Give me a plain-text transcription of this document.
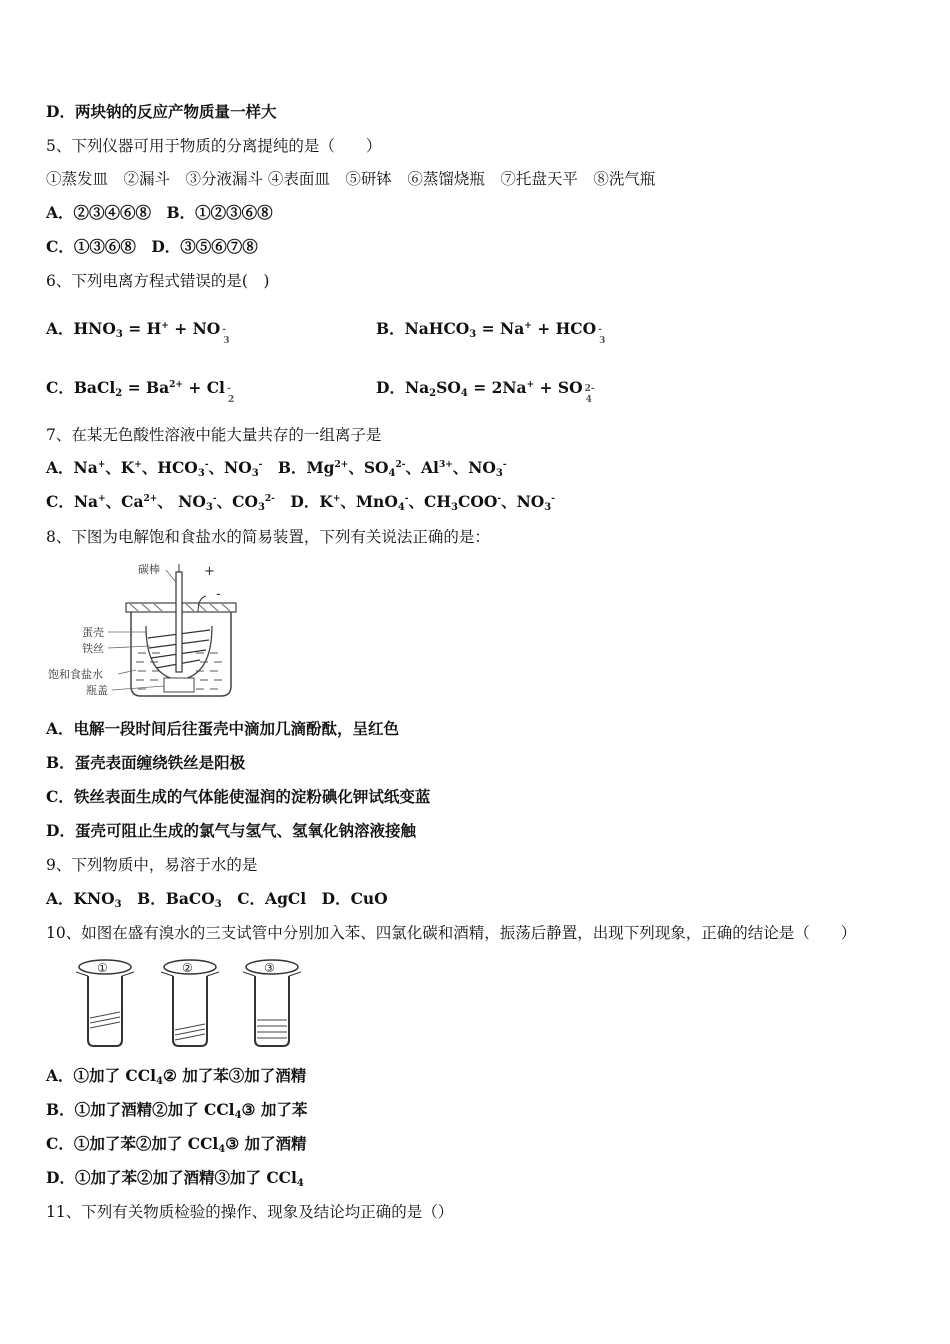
D．两块钠的反应产物质量一样大
5、下列仪器可用于物质的分离提纯的是（　　）
①蒸发皿　②漏斗　③分液漏斗 ④表面皿　⑤研钵　⑥蒸馏烧瓶　⑦托盘天平　⑧洗气瓶
A．②③④⑥⑧　B．①②③⑥⑧
C．①③⑥⑧　D．③⑤⑥⑦⑧
6、下列电离方程式错误的是(　)
A．$HNO_3 = H^+$ + NO -
3
B．NaHCO$_3$ = Na+ + HCO -
3
C．BaCl$_2$ = $Ba^{2+} + Cl$ -
2
D．$Na_2SO_4 = 2Na^+$ + SO 2-
4
7、在某无色酸性溶液中能大量共存的一组离子是
A．Na+、K+、$HCO_3^-$、$NO_3^-$　B．$Mg^{2+}$、$SO_4^{2-}$、$Al^{3+}$、$NO_3^-$
C．Na+、$Ca^{2+}$、 $NO_3^-$、$CO_3^{2-}$　D．K+、MnO$_4$-、$CH_3COO^-$、$NO_3^-$
8、下图为电解饱和食盐水的简易装置，下列有关说法正确的是：
碳棒	+
-
蛋壳
铁丝
饱和食盐水
瓶盖
A．电解一段时间后往蛋壳中滴加几滴酚酞，呈红色
B．蛋壳表面缠绕铁丝是阳极
C．铁丝表面生成的气体能使湿润的淀粉碘化钾试纸变蓝
D．蛋壳可阻止生成的氯气与氢气、氢氧化钠溶液接触
9、下列物质中，易溶于水的是
A．$KNO_3$　B．BaCO$_3$　C．AgCl　D．CuO
10、如图在盛有溴水的三支试管中分别加入苯、四氯化碳和酒精，振荡后静置，出现下列现象，正确的结论是（　　）
①	②	③
A．①加了 CCl$_4$② 加了苯③加了酒精
B．①加了酒精②加了 CCl$_4$③ 加了苯
C．①加了苯②加了 CCl$_4$③ 加了酒精
D．①加了苯②加了酒精③加了 CCl$_4$
11、下列有关物质检验的操作、现象及结论均正确的是（）
